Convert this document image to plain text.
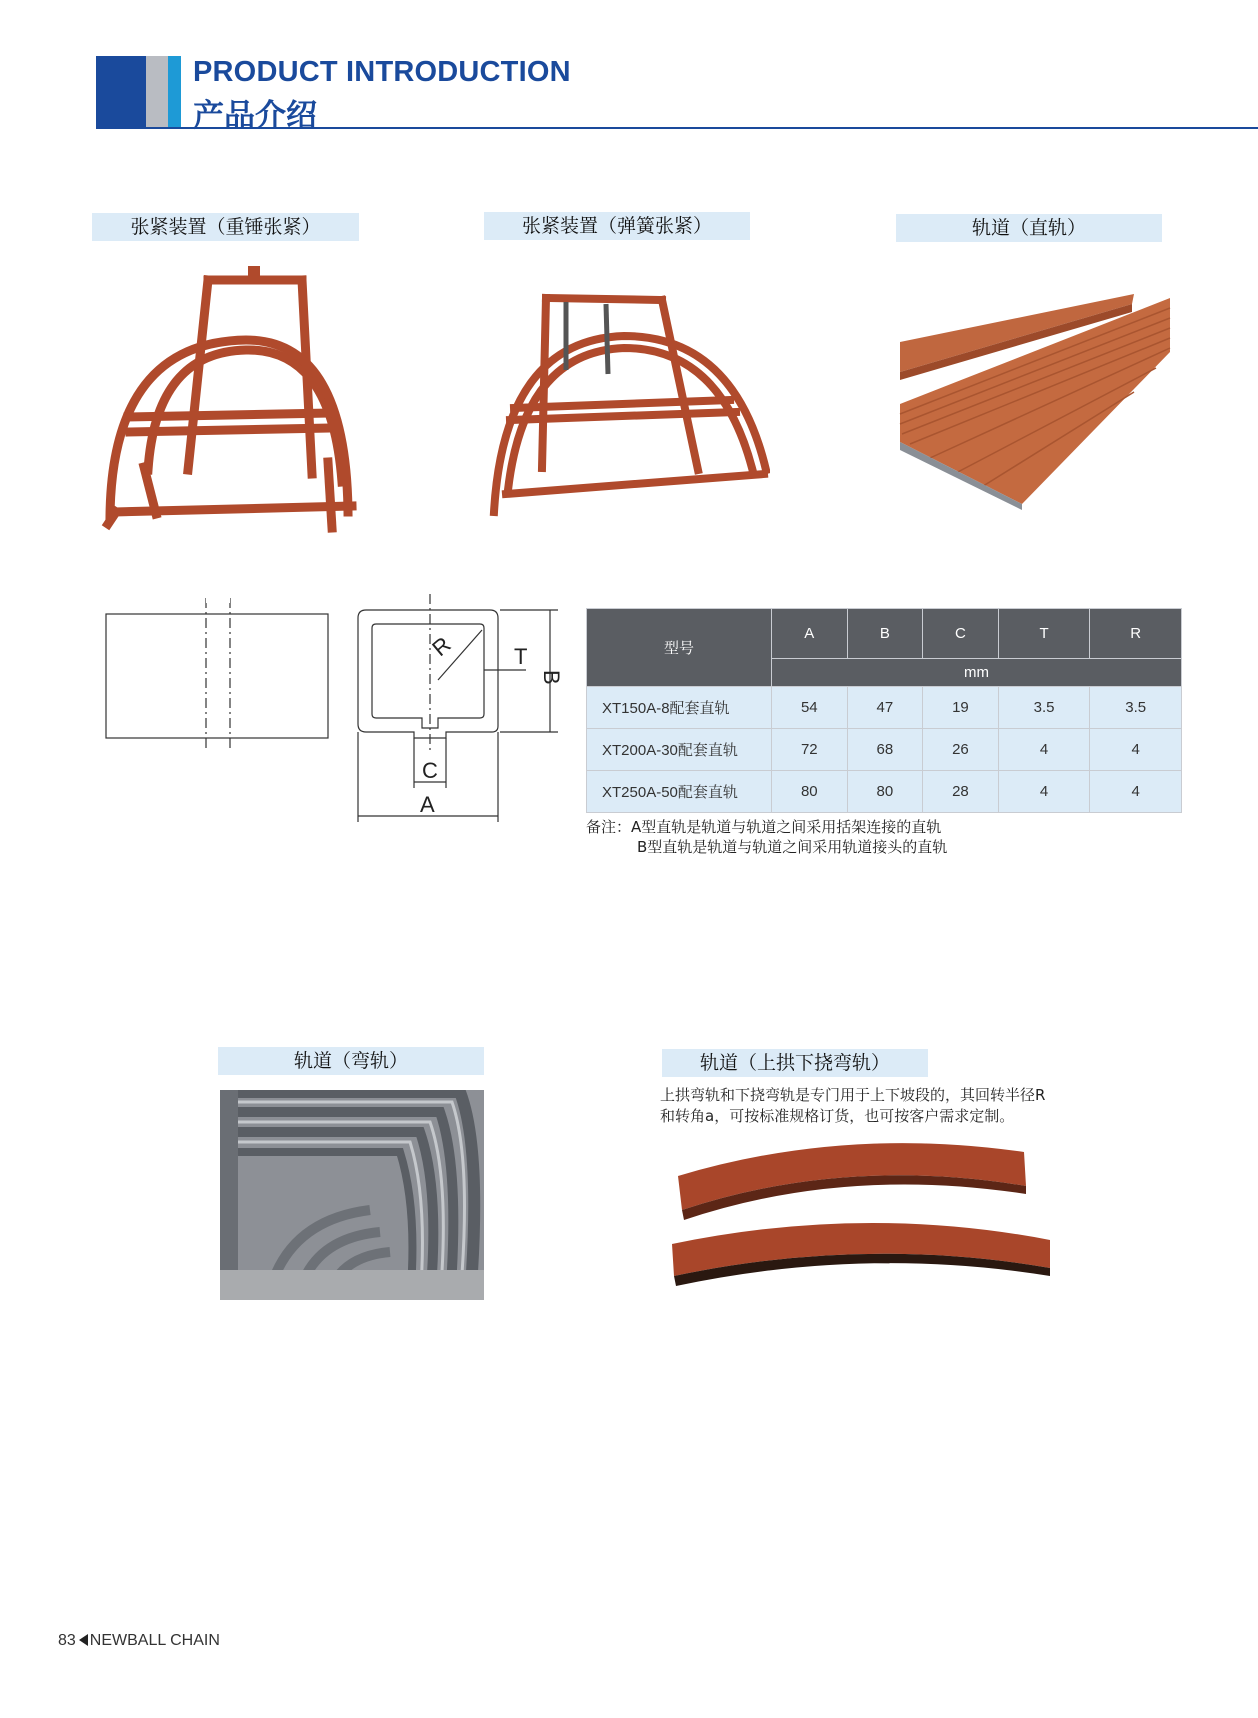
PRODUCT INTRODUCTION
产品介绍
张紧装置（重锤张紧）	张紧装置（弹簧张紧）	轨道（直轨）
R	T
B
C
A
型号	A	B	C	T	R
	mm				
XT150A-8配套直轨	54	47	19	3.5	3.5
XT200A-30配套直轨	72	68	26	4	4
XT250A-50配套直轨	80	80	28	4	4
备注：A型直轨是轨道与轨道之间采用括架连接的直轨
B型直轨是轨道与轨道之间采用轨道接头的直轨
轨道（弯轨）	轨道（上拱下挠弯轨）
上拱弯轨和下挠弯轨是专门用于上下坡段的，其回转半径R
和转角a，可按标准规格订货，也可按客户需求定制。
83 NEWBALL CHAIN
